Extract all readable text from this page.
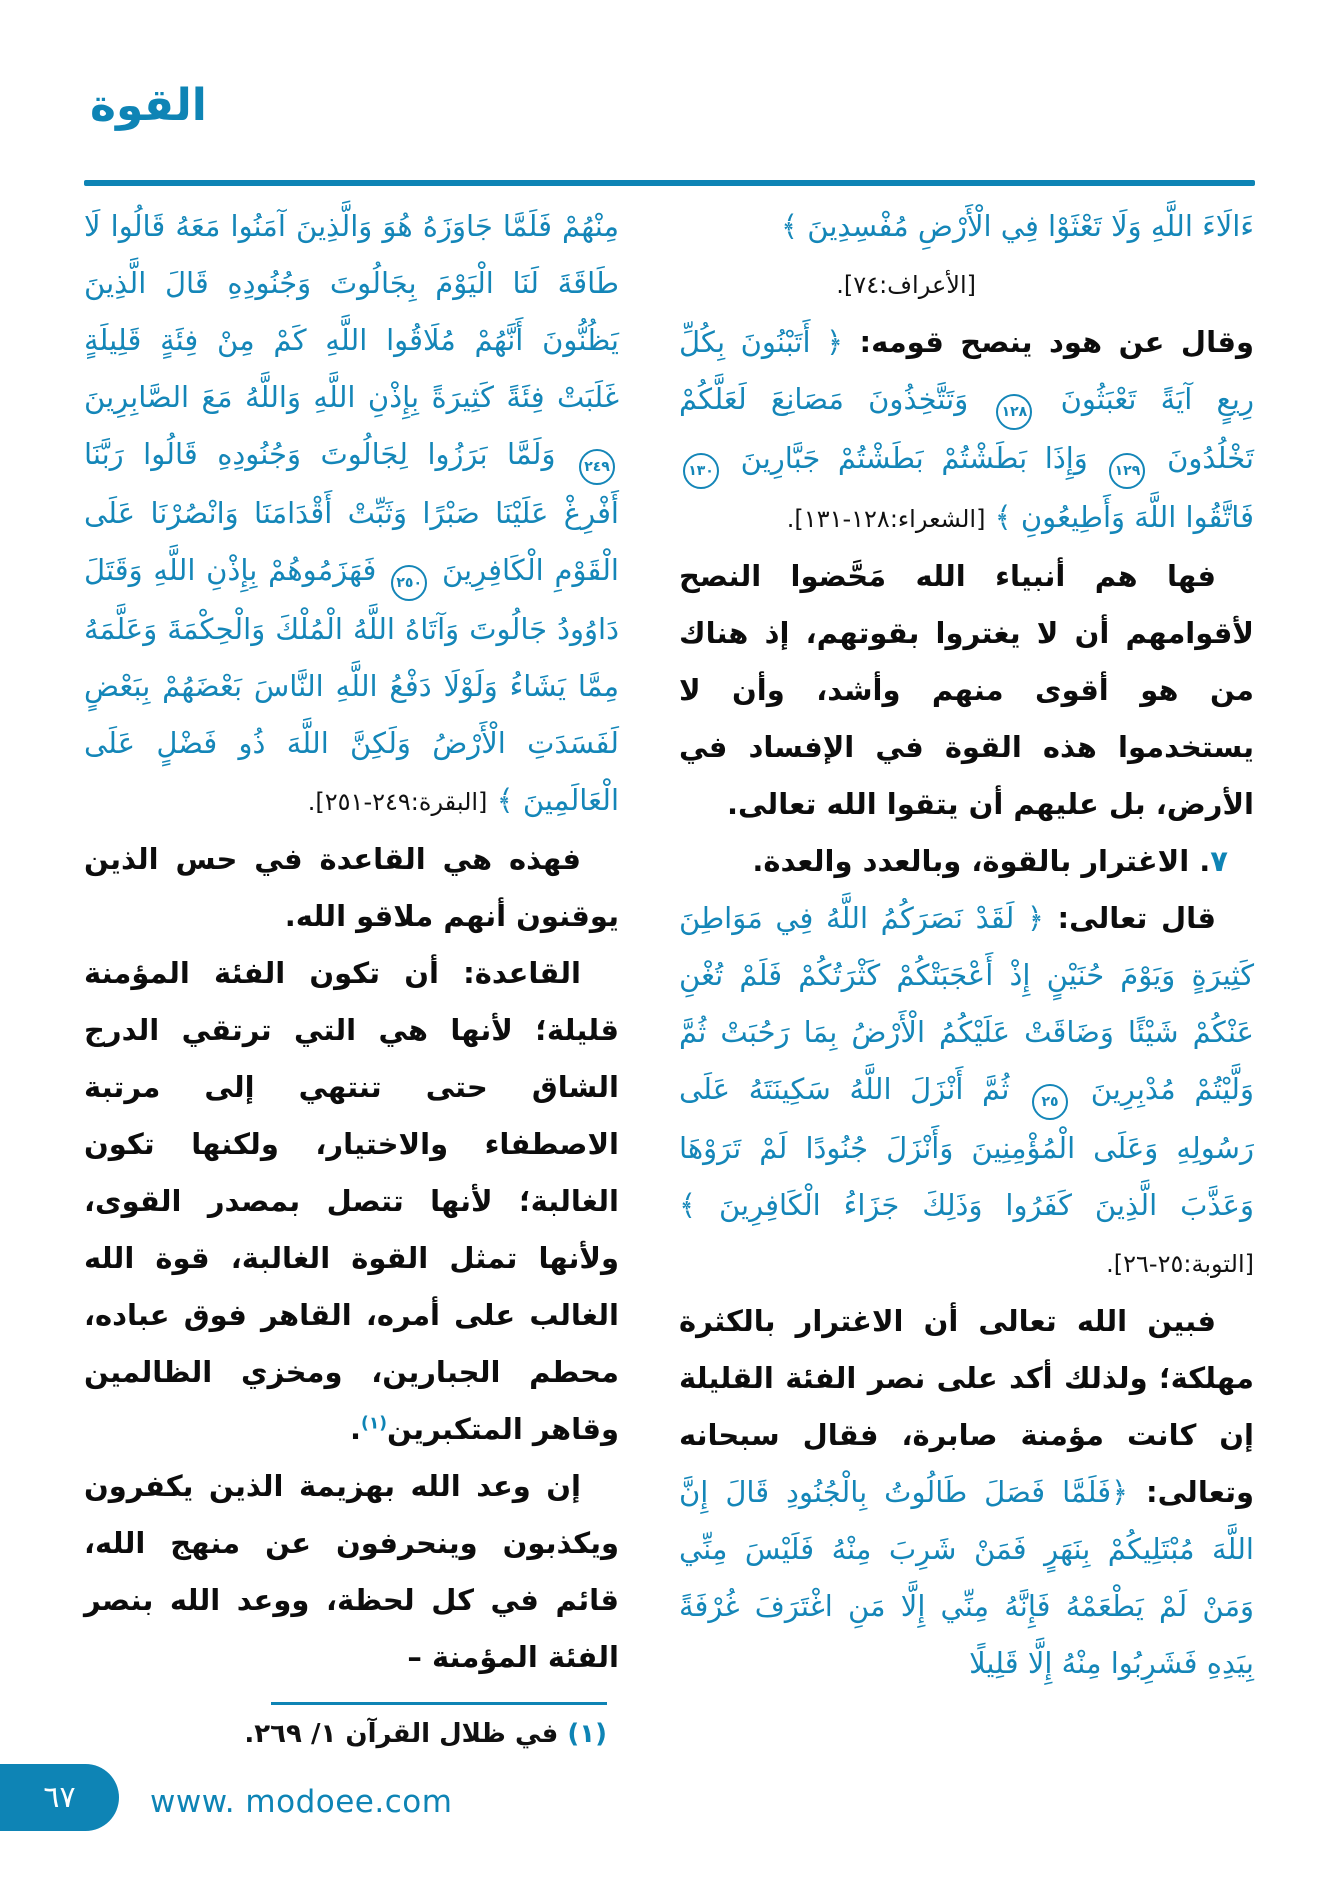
القوة

ءَالَاءَ اللَّهِ وَلَا تَعْثَوْا فِي الْأَرْضِ مُفْسِدِينَ ﴾

[الأعراف:٧٤].

وقال عن هود ينصح قومه: ﴿ أَتَبْنُونَ بِكُلِّ رِيعٍ آيَةً تَعْبَثُونَ ١٢٨ وَتَتَّخِذُونَ مَصَانِعَ لَعَلَّكُمْ تَخْلُدُونَ ١٢٩ وَإِذَا بَطَشْتُمْ بَطَشْتُمْ جَبَّارِينَ ١٣٠ فَاتَّقُوا اللَّهَ وَأَطِيعُونِ ﴾ [الشعراء:١٢٨-١٣١].

فها هم أنبياء الله مَحَّضوا النصح لأقوامهم أن لا يغتروا بقوتهم، إذ هناك من هو أقوى منهم وأشد، وأن لا يستخدموا هذه القوة في الإفساد في الأرض، بل عليهم أن يتقوا الله تعالى.

٧. الاغترار بالقوة، وبالعدد والعدة.

قال تعالى: ﴿ لَقَدْ نَصَرَكُمُ اللَّهُ فِي مَوَاطِنَ كَثِيرَةٍ وَيَوْمَ حُنَيْنٍ إِذْ أَعْجَبَتْكُمْ كَثْرَتُكُمْ فَلَمْ تُغْنِ عَنْكُمْ شَيْئًا وَضَاقَتْ عَلَيْكُمُ الْأَرْضُ بِمَا رَحُبَتْ ثُمَّ وَلَّيْتُمْ مُدْبِرِينَ ٢٥ ثُمَّ أَنْزَلَ اللَّهُ سَكِينَتَهُ عَلَى رَسُولِهِ وَعَلَى الْمُؤْمِنِينَ وَأَنْزَلَ جُنُودًا لَمْ تَرَوْهَا وَعَذَّبَ الَّذِينَ كَفَرُوا وَذَلِكَ جَزَاءُ الْكَافِرِينَ ﴾ [التوبة:٢٥-٢٦].

فبين الله تعالى أن الاغترار بالكثرة مهلكة؛ ولذلك أكد على نصر الفئة القليلة إن كانت مؤمنة صابرة، فقال سبحانه وتعالى: ﴿فَلَمَّا فَصَلَ طَالُوتُ بِالْجُنُودِ قَالَ إِنَّ اللَّهَ مُبْتَلِيكُمْ بِنَهَرٍ فَمَنْ شَرِبَ مِنْهُ فَلَيْسَ مِنِّي وَمَنْ لَمْ يَطْعَمْهُ فَإِنَّهُ مِنِّي إِلَّا مَنِ اغْتَرَفَ غُرْفَةً بِيَدِهِ فَشَرِبُوا مِنْهُ إِلَّا قَلِيلًا

مِنْهُمْ فَلَمَّا جَاوَزَهُ هُوَ وَالَّذِينَ آمَنُوا مَعَهُ قَالُوا لَا طَاقَةَ لَنَا الْيَوْمَ بِجَالُوتَ وَجُنُودِهِ قَالَ الَّذِينَ يَظُنُّونَ أَنَّهُمْ مُلَاقُوا اللَّهِ كَمْ مِنْ فِئَةٍ قَلِيلَةٍ غَلَبَتْ فِئَةً كَثِيرَةً بِإِذْنِ اللَّهِ وَاللَّهُ مَعَ الصَّابِرِينَ ٢٤٩ وَلَمَّا بَرَزُوا لِجَالُوتَ وَجُنُودِهِ قَالُوا رَبَّنَا أَفْرِغْ عَلَيْنَا صَبْرًا وَثَبِّتْ أَقْدَامَنَا وَانْصُرْنَا عَلَى الْقَوْمِ الْكَافِرِينَ ٢٥٠ فَهَزَمُوهُمْ بِإِذْنِ اللَّهِ وَقَتَلَ دَاوُودُ جَالُوتَ وَآتَاهُ اللَّهُ الْمُلْكَ وَالْحِكْمَةَ وَعَلَّمَهُ مِمَّا يَشَاءُ وَلَوْلَا دَفْعُ اللَّهِ النَّاسَ بَعْضَهُمْ بِبَعْضٍ لَفَسَدَتِ الْأَرْضُ وَلَكِنَّ اللَّهَ ذُو فَضْلٍ عَلَى الْعَالَمِينَ ﴾ [البقرة:٢٤٩-٢٥١].

فهذه هي القاعدة في حس الذين يوقنون أنهم ملاقو الله.

القاعدة: أن تكون الفئة المؤمنة قليلة؛ لأنها هي التي ترتقي الدرج الشاق حتى تنتهي إلى مرتبة الاصطفاء والاختيار، ولكنها تكون الغالبة؛ لأنها تتصل بمصدر القوى، ولأنها تمثل القوة الغالبة، قوة الله الغالب على أمره، القاهر فوق عباده، محطم الجبارين، ومخزي الظالمين وقاهر المتكبرين$^{(١)}$.

إن وعد الله بهزيمة الذين يكفرون ويكذبون وينحرفون عن منهج الله، قائم في كل لحظة، ووعد الله بنصر الفئة المؤمنة –

(١) في ظلال القرآن ١/ ٢٦٩.

٦٧ www. modoee.com
